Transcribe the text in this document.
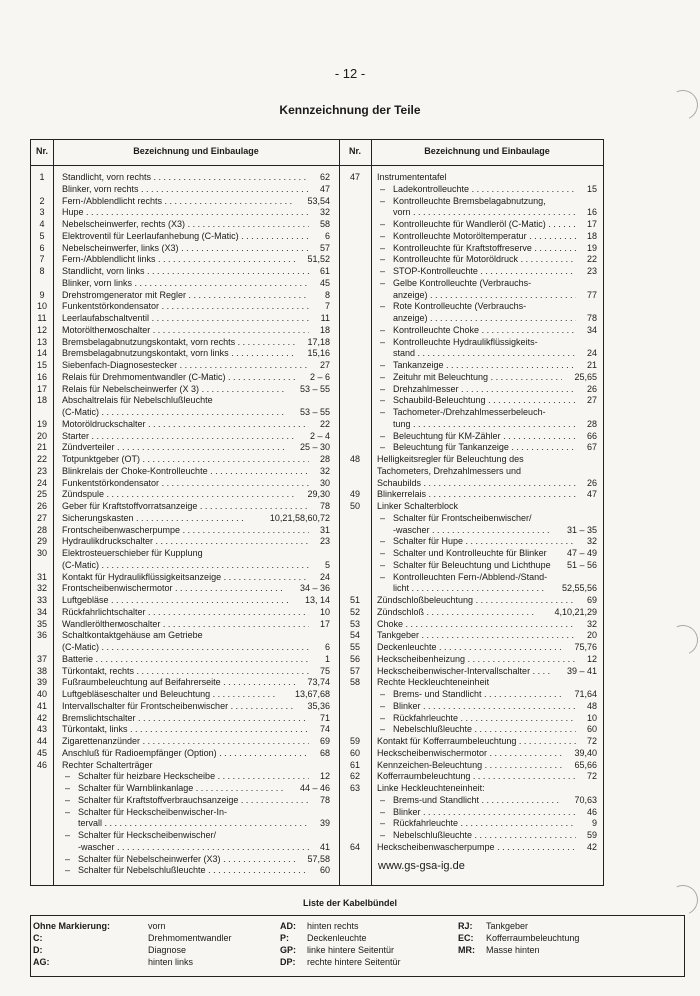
- 12 -
Kennzeichnung der Teile
Nr.	Bezeichnung und Einbaulage	Nr.	Bezeichnung und Einbaulage
1	Standlicht, vorn rechts . . .	62
Blinker, vorn rechts . . .	47
2	Fern-/Abblendlicht rechts . . .	53,54
3	Hupe . . .	32
4	Nebelscheinwerfer, rechts (X3) . . .	58
5	Elektroventil für Leerlaufanhebung (C-Matic) . . .	6
6	Nebelscheinwerfer, links (X3) . . .	57
7	Fern-/Abblendlicht links . . .	51,52
8	Standlicht, vorn links . . .	61
Blinker, vorn links . . .	45
9	Drehstromgenerator mit Regler . . .	8
10	Funkentstörkondensator . . .	7
11	Leerlaufabschaltventil . . .	11
12	Motoröltherмoschalter . . .	18
13	Bremsbelagabnutzungskontakt, vorn rechts . . .	17,18
14	Bremsbelagabnutzungskontakt, vorn links . . .	15,16
15	Siebenfach-Diagnosestecker . . .	27
16	Relais für Drehmomentwandler (C-Matic) . . .	2 – 6
17	Relais für Nebelscheinwerfer (X 3) . . .	53 – 55
18	Abschaltrelais für Nebelschlußleuchte
(C-Matic) . . .	53 – 55
19	Motoröldruckschalter . . .	22
20	Starter . . .	2 – 4
21	Zündverteiler . . .	25 – 30
22	Totpunktgeber (OT) . . .	28
23	Blinkrelais der Choke-Kontrolleuchte . . .	32
24	Funkentstörkondensator . . .	30
25	Zündspule . . .	29,30
26	Geber für Kraftstoffvorratsanzeige . . .	78
27	Sicherungskasten . . .	10,21,58,60,72
28	Frontscheibenwascherpumpe . . .	31
29	Hydraulikdruckschalter . . .	23
30	Elektrosteuerschieber für Kupplung
(C-Matic) . . .	5
31	Kontakt für Hydraulikflüssigkeitsanzeige . . .	24
32	Frontscheibenwischermotor . . .	34 – 36
33	Luftgebläse . . .	13, 14
34	Rückfahrlichtschalter . . .	10
35	Wandleröltherмoschalter . . .	17
36	Schaltkontaktgehäuse am Getriebe
(C-Matic) . . .	6
37	Batterie . . .	1
38	Türkontakt, rechts . . .	75
39	Fußraumbeleuchtung auf Beifahrerseite . . .	73,74
40	Luftgebläseschalter und Beleuchtung . . .	13,67,68
41	Intervallschalter für Frontscheibenwischer . . .	35,36
42	Bremslichtschalter . . .	71
43	Türkontakt, links . . .	74
44	Zigarettenanzünder . . .	69
45	Anschluß für Radioempfänger (Option) . . .	68
46	Rechter Schalterträger
– Schalter für heizbare Heckscheibe . . .	12
– Schalter für Warnblinkanlage . . .	44 – 46
– Schalter für Kraftstoffverbrauchsanzeige . . .	78
– Schalter für Heckscheibenwischer-In-
tervall . . .	39
– Schalter für Heckscheibenwischer/
-wascher . . .	41
– Schalter für Nebelscheinwerfer (X3) . . .	57,58
– Schalter für Nebelschlußleuchte . . .	60
47	Instrumententafel
– Ladekontrolleuchte . . .	15
– Kontrolleuchte Bremsbelagabnutzung,
vorn . . .	16
– Kontrolleuchte für Wandleröl (C-Matic) . . .	17
– Kontrolleuchte Motoröltemperatur . . .	18
– Kontrolleuchte für Kraftstoffreserve . . .	19
– Kontrolleuchte für Motoröldruck . . .	22
– STOP-Kontrolleuchte . . .	23
– Gelbe Kontrolleuchte (Verbrauchs-
anzeige) . . .	77
– Rote Kontrolleuchte (Verbrauchs-
anzeige) . . .	78
– Kontrolleuchte Choke . . .	34
– Kontrolleuchte Hydraulikflüssigkeits-
stand . . .	24
– Tankanzeige . . .	21
– Zeituhr mit Beleuchtung . . .	25,65
– Drehzahlmesser . . .	26
– Schaubild-Beleuchtung . . .	27
– Tachometer-/Drehzahlmesserbeleuch-
tung . . .	28
– Beleuchtung für KM-Zähler . . .	66
– Beleuchtung für Tankanzeige . . .	67
48	Helligkeitsregler für Beleuchtung des
Tachometers, Drehzahlmessers und
Schaubilds . . .	26
49	Blinkerrelais . . .	47
50	Linker Schalterblock
– Schalter für Frontscheibenwischer/
-wascher . . .	31 – 35
– Schalter für Hupe . . .	32
– Schalter und Kontrolleuchte für Blinker	47 – 49
– Schalter für Beleuchtung und Lichthupe	51 – 56
– Kontrolleuchten Fern-/Abblend-/Stand-
licht . . .	52,55,56
51	Zündschloßbeleuchtung . . .	69
52	Zündschloß . . .	4,10,21,29
53	Choke . . .	32
54	Tankgeber . . .	20
55	Deckenleuchte . . .	75,76
56	Heckscheibenheizung . . .	12
57	Heckscheibenwischer-Intervallschalter . . .	39 – 41
58	Rechte Heckleuchteneinheit
– Brems- und Standlicht . . .	71,64
– Blinker . . .	48
– Rückfahrleuchte . . .	10
– Nebelschlußleuchte . . .	60
59	Kontakt für Kofferraumbeleuchtung . . .	72
60	Heckscheibenwischermotor . . .	39,40
61	Kennzeichen-Beleuchtung . . .	65,66
62	Kofferraumbeleuchtung . . .	72
63	Linke Heckleuchteneinheit:
– Brems-und Standlicht . . .	70,63
– Blinker . . .	46
– Rückfahrleuchte . . .	9
– Nebelschlußleuchte . . .	59
64	Heckscheibenwascherpumpe . . .	42
www.gs-gsa-ig.de
Liste der Kabelbündel
Ohne Markierung:	vorn
C:	Drehmomentwandler
D:	Diagnose
AG:	hinten links
AD: hinten rechts
P: Deckenleuchte
GP: linke hintere Seitentür
DP: rechte hintere Seitentür
RJ: Tankgeber
EC: Kofferraumbeleuchtung
MR: Masse hinten
